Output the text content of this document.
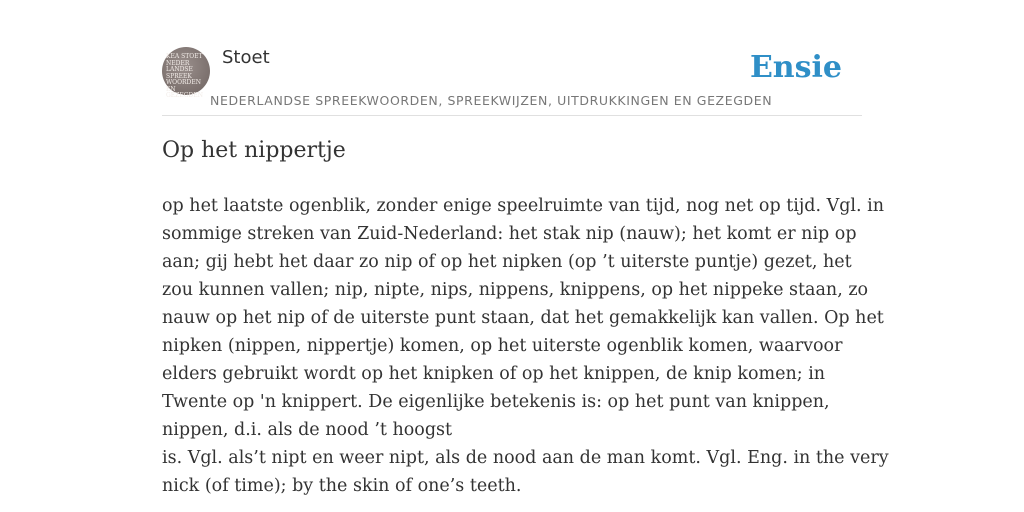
KEA STOET
NEDER
LANDSE
SPREEK
WOORDEN EN
GEZEGDEN
Stoet
NEDERLANDSE SPREEKWOORDEN, SPREEKWIJZEN, UITDRUKKINGEN EN GEZEGDEN
Ensie
Op het nippertje

op het laatste ogenblik, zonder enige speelruimte van tijd, nog net op tijd. Vgl. in
sommige streken van Zuid-Nederland: het stak nip (nauw); het komt er nip op
aan; gij hebt het daar zo nip of op het nipken (op ’t uiterste puntje) gezet, het
zou kunnen vallen; nip, nipte, nips, nippens, knippens, op het nippeke staan, zo
nauw op het nip of de uiterste punt staan, dat het gemakkelijk kan vallen. Op het
nipken (nippen, nippertje) komen, op het uiterste ogenblik komen, waarvoor
elders gebruikt wordt op het knipken of op het knippen, de knip komen; in
Twente op 'n knippert. De eigenlijke betekenis is: op het punt van knippen,
nippen, d.i. als de nood ’t hoogst
is. Vgl. als’t nipt en weer nipt, als de nood aan de man komt. Vgl. Eng. in the very
nick (of time); by the skin of one’s teeth.
